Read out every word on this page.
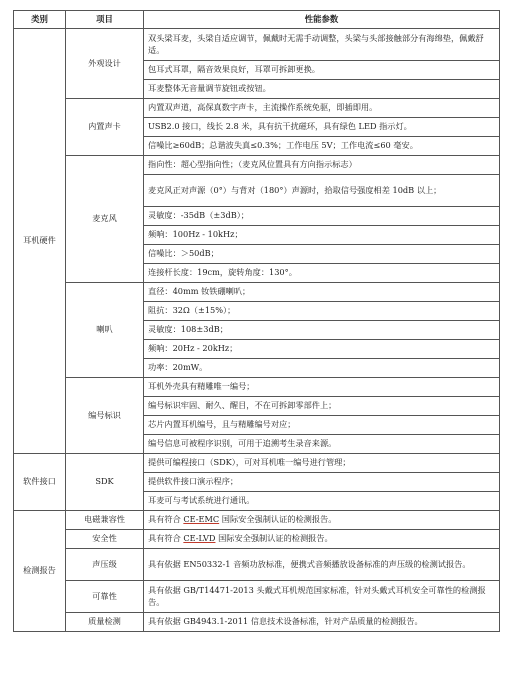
类别	项目	性能参数
耳机硬件	外观设计	双头梁耳麦，头梁自适应调节，佩戴时无需手动调整，头梁与头部接触部分有海绵垫，佩戴舒适。
		包耳式耳罩，隔音效果良好，耳罩可拆卸更换。
		耳麦整体无音量调节旋钮或按钮。
	内置声卡	内置双声道，高保真数字声卡，主流操作系统免驱，即插即用。
		USB2.0 接口，线长 2.8 米，具有抗干扰磁环，具有绿色 LED 指示灯。
		信噪比≥60dB；总谐波失真≤0.3%；工作电压 5V；工作电流≤60 毫安。
	麦克风	指向性：超心型指向性；（麦克风位置具有方向指示标志）
		麦克风正对声源（0°）与背对（180°）声源时，拾取信号强度相差 10dB 以上；
		灵敏度：-35dB（±3dB）；
		频响：100Hz - 10kHz；
		信噪比：＞50dB；
		连接杆长度：19cm，旋转角度：130°。
	喇叭	直径：40mm 钕铁硼喇叭；
		阻抗：32Ω（±15%）；
		灵敏度：108±3dB；
		频响：20Hz - 20kHz；
		功率：20mW。
	编号标识	耳机外壳具有精雕唯一编号；
		编号标识牢固、耐久、醒目，不在可拆卸零部件上；
		芯片内置耳机编号，且与精雕编号对应；
		编号信息可被程序识别，可用于追溯考生录音来源。
软件接口	SDK	提供可编程接口（SDK），可对耳机唯一编号进行管理；
		提供软件接口演示程序；
		耳麦可与考试系统进行通讯。
检测报告	电磁兼容性	具有符合 CE-EMC 国际安全强制认证的检测报告。
	安全性	具有符合 CE-LVD 国际安全强制认证的检测报告。
	声压级	具有依据 EN50332-1 音频功放标准，便携式音频播放设备标准的声压级的检测试报告。
	可靠性	具有依据 GB/T14471-2013 头戴式耳机规范国家标准，针对头戴式耳机安全可靠性的检测报告。
	质量检测	具有依据 GB4943.1-2011 信息技术设备标准，针对产品质量的检测报告。
